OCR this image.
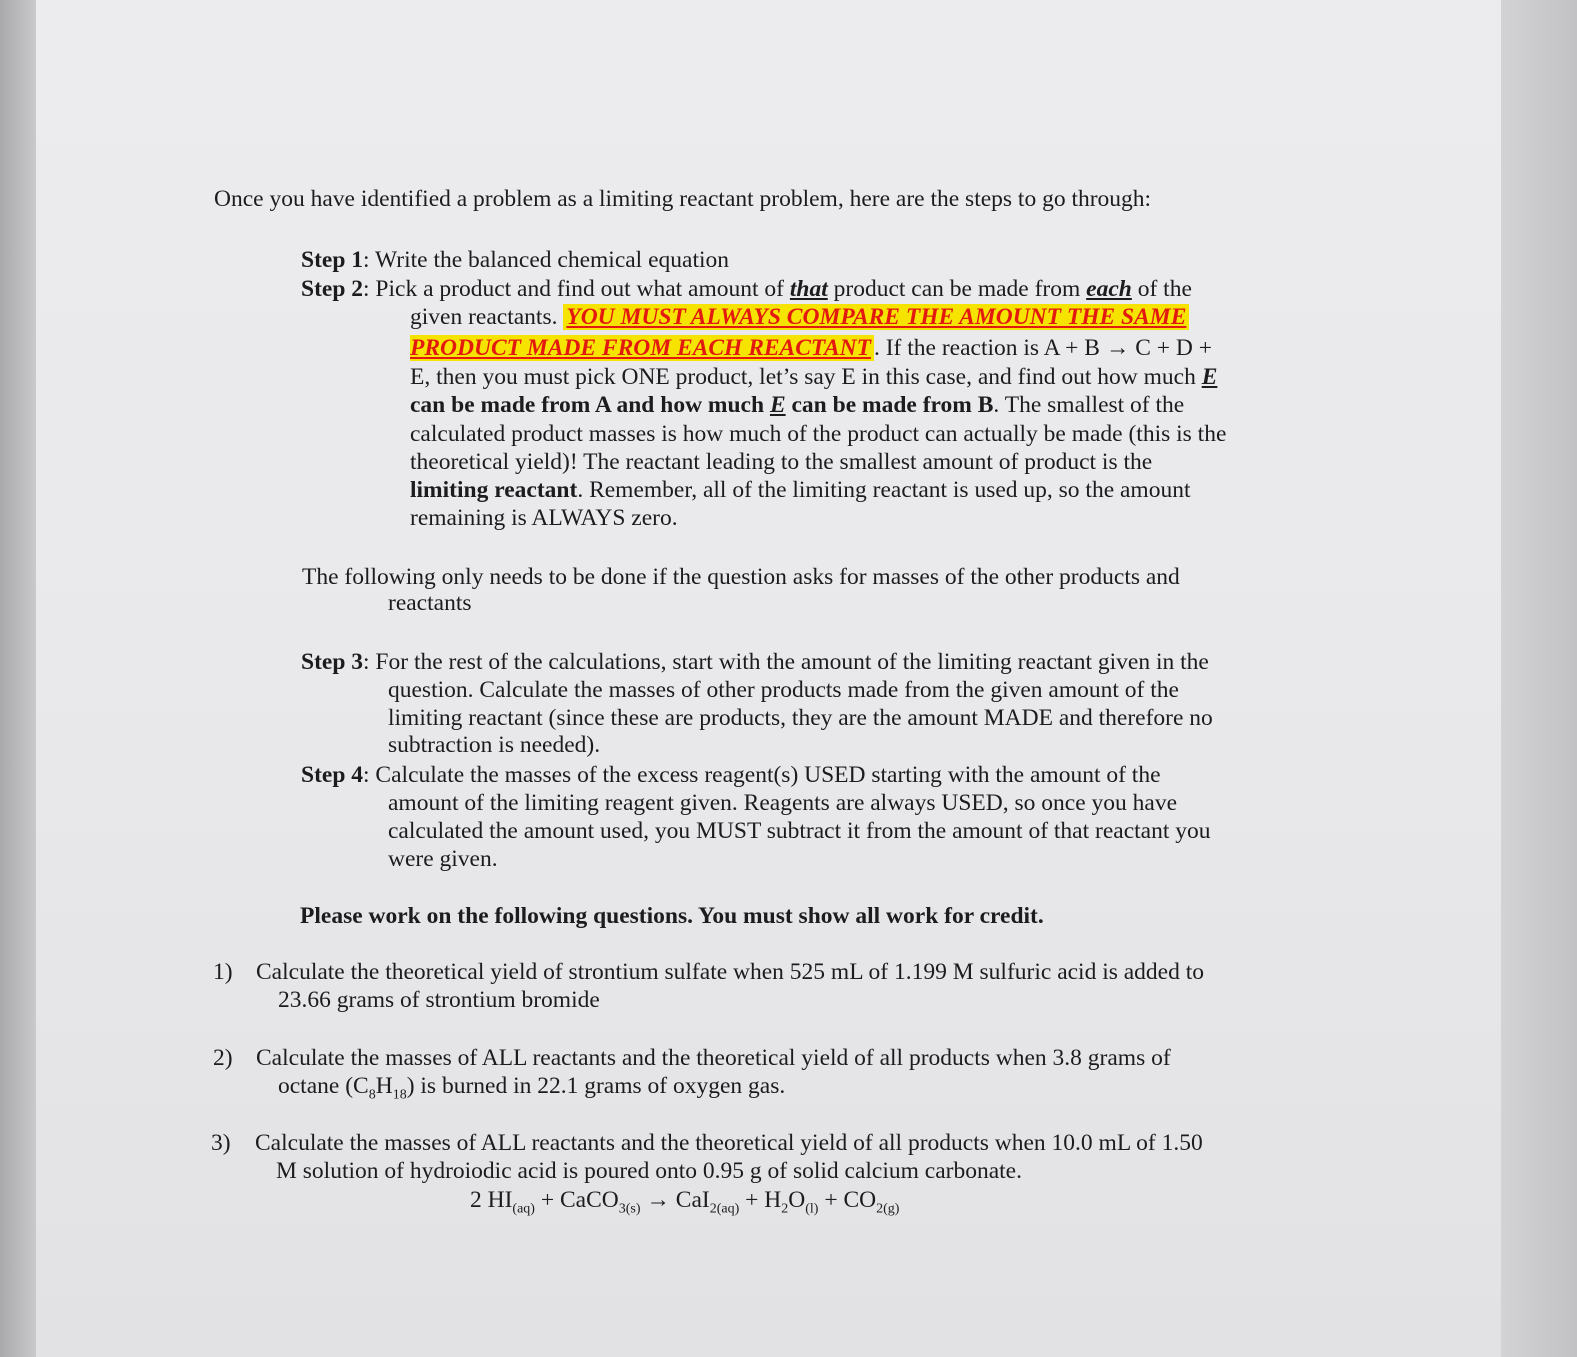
Once you have identified a problem as a limiting reactant problem, here are the steps to go through:
Step 1: Write the balanced chemical equation
Step 2: Pick a product and find out what amount of that product can be made from each of the
given reactants. YOU MUST ALWAYS COMPARE THE AMOUNT THE SAME
PRODUCT MADE FROM EACH REACTANT . If the reaction is A + B → C + D +
E, then you must pick ONE product, let’s say E in this case, and find out how much E
can be made from A and how much E can be made from B. The smallest of the
calculated product masses is how much of the product can actually be made (this is the
theoretical yield)! The reactant leading to the smallest amount of product is the
limiting reactant. Remember, all of the limiting reactant is used up, so the amount
remaining is ALWAYS zero.
The following only needs to be done if the question asks for masses of the other products and
reactants
Step 3: For the rest of the calculations, start with the amount of the limiting reactant given in the
question. Calculate the masses of other products made from the given amount of the
limiting reactant (since these are products, they are the amount MADE and therefore no
subtraction is needed).
Step 4: Calculate the masses of the excess reagent(s) USED starting with the amount of the
amount of the limiting reagent given. Reagents are always USED, so once you have
calculated the amount used, you MUST subtract it from the amount of that reactant you
were given.
Please work on the following questions. You must show all work for credit.
1) Calculate the theoretical yield of strontium sulfate when 525 mL of 1.199 M sulfuric acid is added to
23.66 grams of strontium bromide
2) Calculate the masses of ALL reactants and the theoretical yield of all products when 3.8 grams of
octane $(C_8H_{18})$ is burned in 22.1 grams of oxygen gas.
3) Calculate the masses of ALL reactants and the theoretical yield of all products when 10.0 mL of 1.50
M solution of hydroiodic acid is poured onto 0.95 g of solid calcium carbonate.
2 $HI_{(aq)}$ + CaCO$_{3(s)}$ → $CaI_{2(aq)} + H_2O_{(l)} + CO_{2(g)}$
